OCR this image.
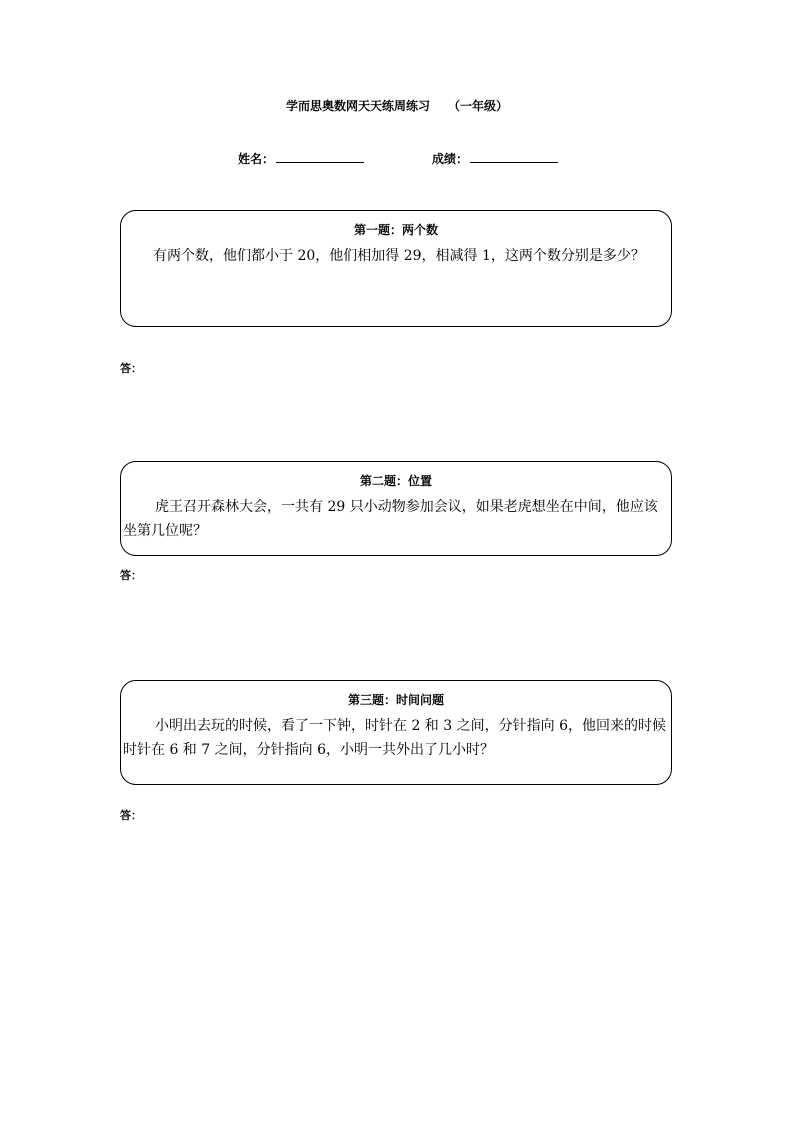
学而思奥数网天天练周练习 （一年级）
姓名：	成绩：
第一题：两个数
有两个数，他们都小于 20，他们相加得 29，相减得 1，这两个数分别是多少？
答：
第二题：位置
虎王召开森林大会，一共有 29 只小动物参加会议，如果老虎想坐在中间，他应该坐第几位呢？
答：
第三题：时间问题
小明出去玩的时候，看了一下钟，时针在 2 和 3 之间，分针指向 6，他回来的时候时针在 6 和 7 之间，分针指向 6，小明一共外出了几小时？
答：
